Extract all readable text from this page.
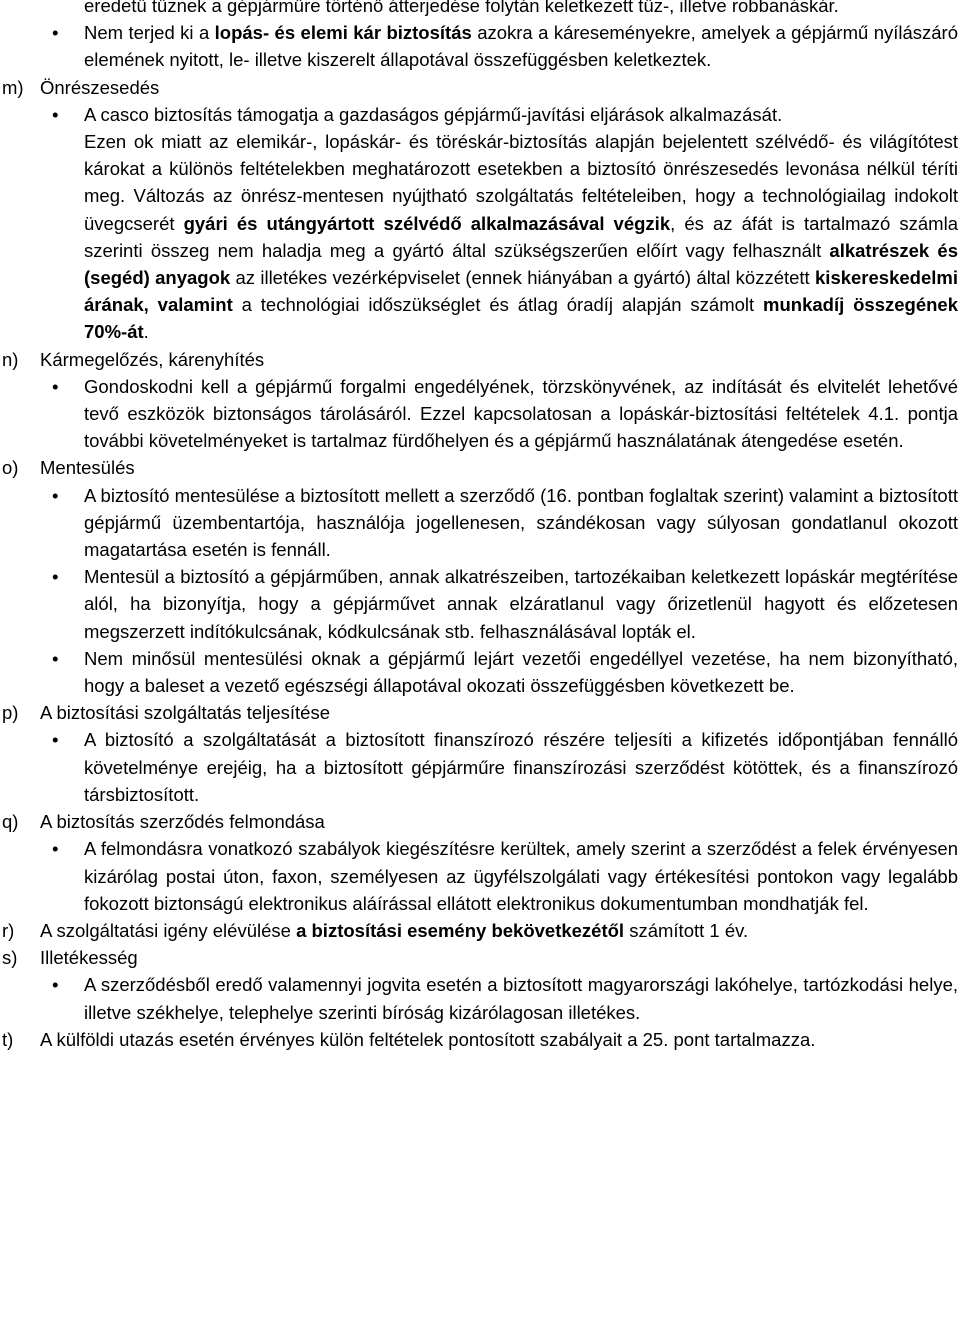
eredetű tűznek a gépjárműre történő átterjedése folytán keletkezett tűz-, illetve robbanáskár.
• Nem terjed ki a lopás- és elemi kár biztosítás azokra a káreseményekre, amelyek a gépjármű nyílászáró elemének nyitott, le- illetve kiszerelt állapotával összefüggésben keletkeztek.
m) Önrészesedés
• A casco biztosítás támogatja a gazdaságos gépjármű-javítási eljárások alkalmazását.
Ezen ok miatt az elemikár-, lopáskár- és töréskár-biztosítás alapján bejelentett szélvédő- és világítótest károkat a különös feltételekben meghatározott esetekben a biztosító önrészesedés levonása nélkül téríti meg. Változás az önrész-mentesen nyújtható szolgáltatás feltételeiben, hogy a technológiailag indokolt üvegcserét gyári és utángyártott szélvédő alkalmazásával végzik, és az áfát is tartalmazó számla szerinti összeg nem haladja meg a gyártó által szükségszerűen előírt vagy felhasznált alkatrészek és (segéd) anyagok az illetékes vezérképviselet (ennek hiányában a gyártó) által közzétett kiskereskedelmi árának, valamint a technológiai időszükséglet és átlag óradíj alapján számolt munkadíj összegének 70%-át.
n) Kármegelőzés, kárenyhítés
• Gondoskodni kell a gépjármű forgalmi engedélyének, törzskönyvének, az indítását és elvitelét lehetővé tevő eszközök biztonságos tárolásáról. Ezzel kapcsolatosan a lopáskár-biztosítási feltételek 4.1. pontja további követelményeket is tartalmaz fürdőhelyen és a gépjármű használatának átengedése esetén.
o) Mentesülés
• A biztosító mentesülése a biztosított mellett a szerződő (16. pontban foglaltak szerint) valamint a biztosított gépjármű üzembentartója, használója jogellenesen, szándékosan vagy súlyosan gondatlanul okozott magatartása esetén is fennáll.
• Mentesül a biztosító a gépjárműben, annak alkatrészeiben, tartozékaiban keletkezett lopáskár megtérítése alól, ha bizonyítja, hogy a gépjárművet annak elzáratlanul vagy őrizetlenül hagyott és előzetesen megszerzett indítókulcsának, kódkulcsának stb. felhasználásával lopták el.
• Nem minősül mentesülési oknak a gépjármű lejárt vezetői engedéllyel vezetése, ha nem bizonyítható, hogy a baleset a vezető egészségi állapotával okozati összefüggésben következett be.
p) A biztosítási szolgáltatás teljesítése
• A biztosító a szolgáltatását a biztosított finanszírozó részére teljesíti a kifizetés időpontjában fennálló követelménye erejéig, ha a biztosított gépjárműre finanszírozási szerződést kötöttek, és a finanszírozó társbiztosított.
q) A biztosítás szerződés felmondása
• A felmondásra vonatkozó szabályok kiegészítésre kerültek, amely szerint a szerződést a felek érvényesen kizárólag postai úton, faxon, személyesen az ügyfélszolgálati vagy értékesítési pontokon vagy legalább fokozott biztonságú elektronikus aláírással ellátott elektronikus dokumentumban mondhatják fel.
r) A szolgáltatási igény elévülése a biztosítási esemény bekövetkezétől számított 1 év.
s) Illetékesség
• A szerződésből eredő valamennyi jogvita esetén a biztosított magyarországi lakóhelye, tartózkodási helye, illetve székhelye, telephelye szerinti bíróság kizárólagosan illetékes.
t) A külföldi utazás esetén érvényes külön feltételek pontosított szabályait a 25. pont tartalmazza.
